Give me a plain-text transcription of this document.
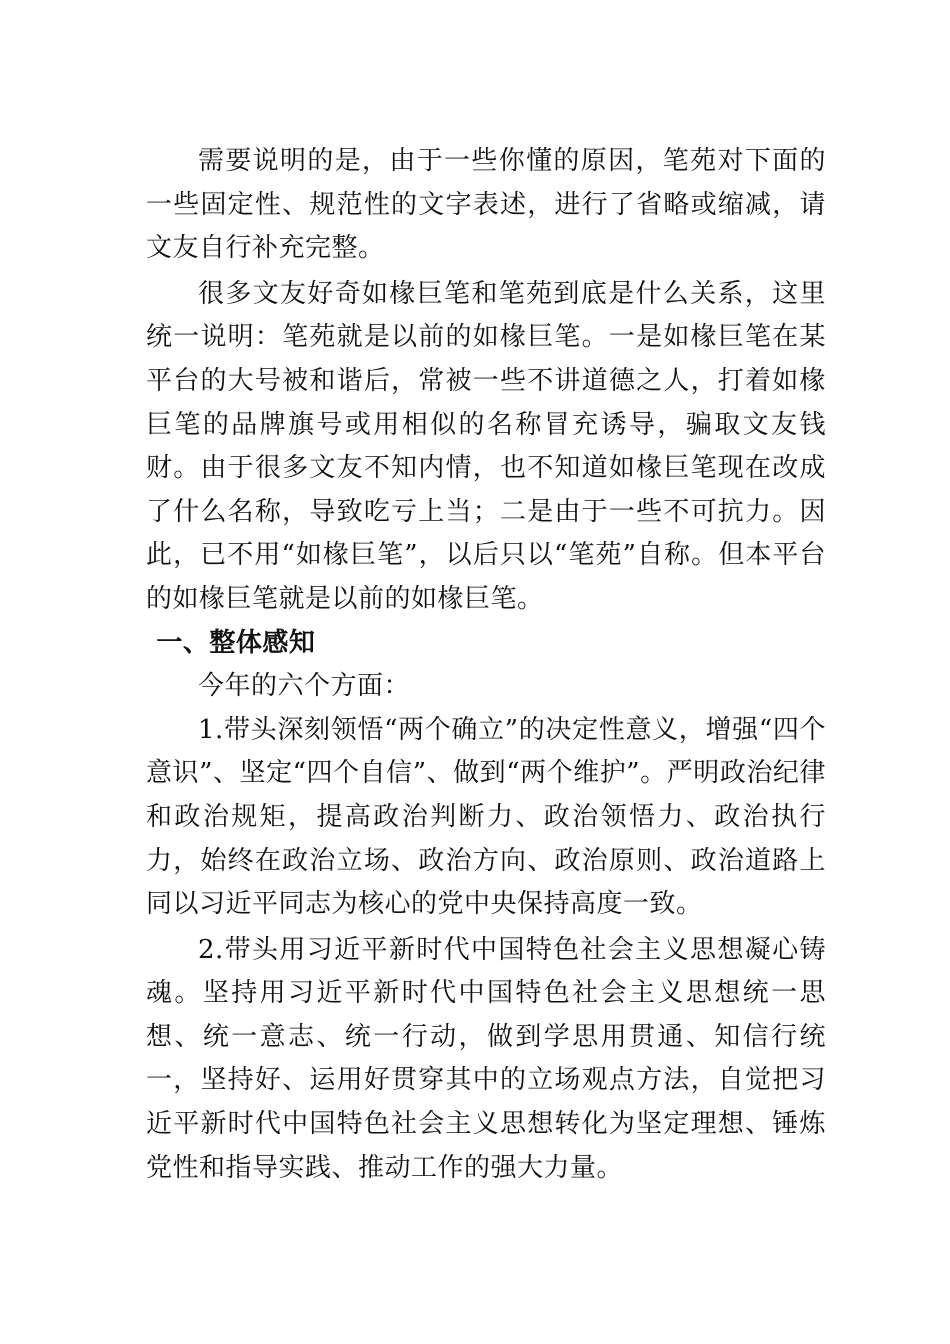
需要说明的是，由于一些你懂的原因，笔苑对下面的一些固定性、规范性的文字表述，进行了省略或缩减，请文友自行补充完整。

很多文友好奇如椽巨笔和笔苑到底是什么关系，这里统一说明：笔苑就是以前的如椽巨笔。一是如椽巨笔在某平台的大号被和谐后，常被一些不讲道德之人，打着如椽巨笔的品牌旗号或用相似的名称冒充诱导，骗取文友钱财。由于很多文友不知内情，也不知道如椽巨笔现在改成了什么名称，导致吃亏上当；二是由于一些不可抗力。因此，已不用“如椽巨笔”，以后只以“笔苑”自称。但本平台的如椽巨笔就是以前的如椽巨笔。

一、整体感知

今年的六个方面：

1.带头深刻领悟“两个确立”的决定性意义，增强“四个意识”、坚定“四个自信”、做到“两个维护”。严明政治纪律和政治规矩，提高政治判断力、政治领悟力、政治执行力，始终在政治立场、政治方向、政治原则、政治道路上同以习近平同志为核心的党中央保持高度一致。

2.带头用习近平新时代中国特色社会主义思想凝心铸魂。坚持用习近平新时代中国特色社会主义思想统一思想、统一意志、统一行动，做到学思用贯通、知信行统一，坚持好、运用好贯穿其中的立场观点方法，自觉把习近平新时代中国特色社会主义思想转化为坚定理想、锤炼党性和指导实践、推动工作的强大力量。
